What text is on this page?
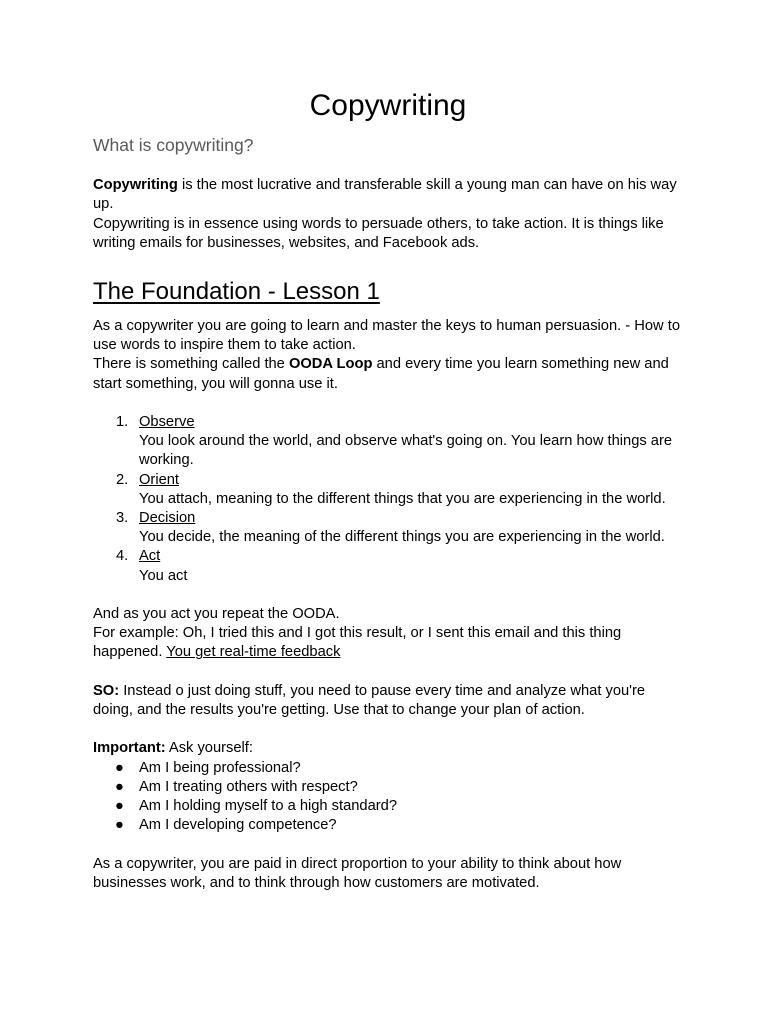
Copywriting
What is copywriting?

Copywriting is the most lucrative and transferable skill a young man can have on his way up.

Copywriting is in essence using words to persuade others, to take action. It is things like writing emails for businesses, websites, and Facebook ads.

The Foundation - Lesson 1

As a copywriter you are going to learn and master the keys to human persuasion. - How to use words to inspire them to take action.

There is something called the OODA Loop and every time you learn something new and start something, you will gonna use it.

1. Observe
You look around the world, and observe what's going on. You learn how things are working.
2. Orient
You attach, meaning to the different things that you are experiencing in the world.
3. Decision
You decide, the meaning of the different things you are experiencing in the world.
4. Act
You act

And as you act you repeat the OODA.

For example: Oh, I tried this and I got this result, or I sent this email and this thing happened. You get real-time feedback

SO: Instead o just doing stuff, you need to pause every time and analyze what you're doing, and the results you're getting. Use that to change your plan of action.

Important: Ask yourself:

● Am I being professional?
● Am I treating others with respect?
● Am I holding myself to a high standard?
● Am I developing competence?

As a copywriter, you are paid in direct proportion to your ability to think about how businesses work, and to think through how customers are motivated.
